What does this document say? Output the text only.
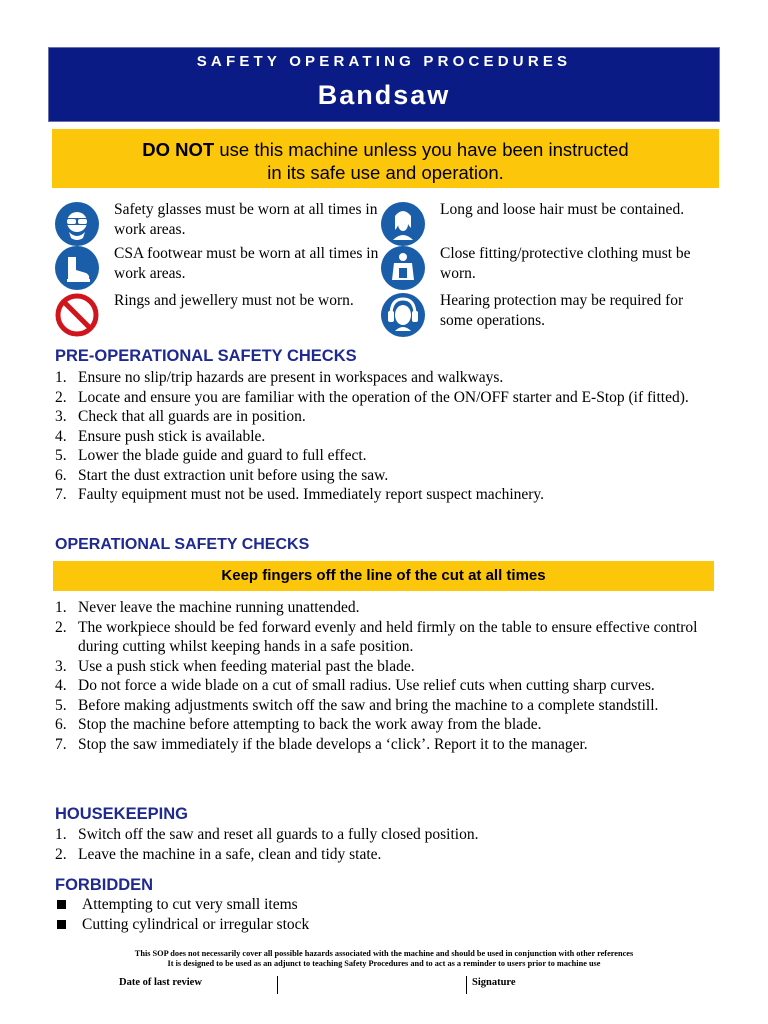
SAFETY OPERATING PROCEDURES
Bandsaw
DO NOT use this machine unless you have been instructed
in its safe use and operation.
Safety glasses must be worn at all times in work areas.
Long and loose hair must be contained.
CSA footwear must be worn at all times in work areas.
Close fitting/protective clothing must be worn.
Rings and jewellery must not be worn.	Hearing protection may be required for some operations.
PRE-OPERATIONAL SAFETY CHECKS
1. Ensure no slip/trip hazards are present in workspaces and walkways.
2. Locate and ensure you are familiar with the operation of the ON/OFF starter and E-Stop (if fitted).
3. Check that all guards are in position.
4. Ensure push stick is available.
5. Lower the blade guide and guard to full effect.
6. Start the dust extraction unit before using the saw.
7. Faulty equipment must not be used. Immediately report suspect machinery.
OPERATIONAL SAFETY CHECKS
Keep fingers off the line of the cut at all times
1. Never leave the machine running unattended.
2. The workpiece should be fed forward evenly and held firmly on the table to ensure effective control during cutting whilst keeping hands in a safe position.
3. Use a push stick when feeding material past the blade.
4. Do not force a wide blade on a cut of small radius. Use relief cuts when cutting sharp curves.
5. Before making adjustments switch off the saw and bring the machine to a complete standstill.
6. Stop the machine before attempting to back the work away from the blade.
7. Stop the saw immediately if the blade develops a ‘click’. Report it to the manager.
HOUSEKEEPING
1. Switch off the saw and reset all guards to a fully closed position.
2. Leave the machine in a safe, clean and tidy state.
FORBIDDEN
Attempting to cut very small items
Cutting cylindrical or irregular stock
This SOP does not necessarily cover all possible hazards associated with the machine and should be used in conjunction with other references
It is designed to be used as an adjunct to teaching Safety Procedures and to act as a reminder to users prior to machine use
Date of last review	Signature
